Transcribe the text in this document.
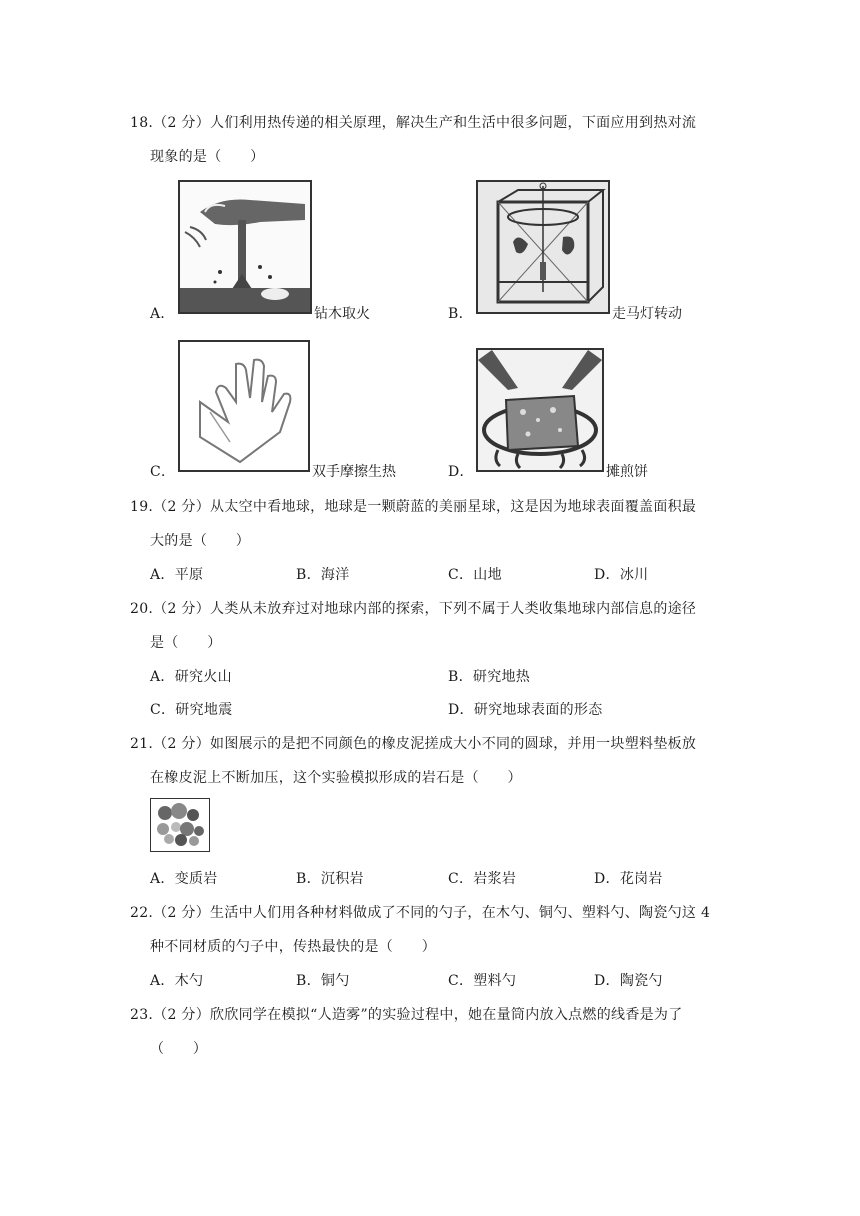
18.（2 分）人们利用热传递的相关原理，解决生产和生活中很多问题，下面应用到热对流
现象的是（　　）
A．	钻木取火	B．	走马灯转动
C．	双手摩擦生热	D．	摊煎饼
19.（2 分）从太空中看地球，地球是一颗蔚蓝的美丽星球，这是因为地球表面覆盖面积最
大的是（　　）
A．平原	B．海洋	C．山地	D．冰川
20.（2 分）人类从未放弃过对地球内部的探索，下列不属于人类收集地球内部信息的途径
是（　　）
A．研究火山	B．研究地热
C．研究地震	D．研究地球表面的形态
21.（2 分）如图展示的是把不同颜色的橡皮泥搓成大小不同的圆球，并用一块塑料垫板放
在橡皮泥上不断加压，这个实验模拟形成的岩石是（　　）
A．变质岩	B．沉积岩	C．岩浆岩	D．花岗岩
22.（2 分）生活中人们用各种材料做成了不同的勺子，在木勺、铜勺、塑料勺、陶瓷勺这 4
种不同材质的勺子中，传热最快的是（　　）
A．木勺	B．铜勺	C．塑料勺	D．陶瓷勺
23.（2 分）欣欣同学在模拟“人造雾”的实验过程中，她在量筒内放入点燃的线香是为了
（　　）
